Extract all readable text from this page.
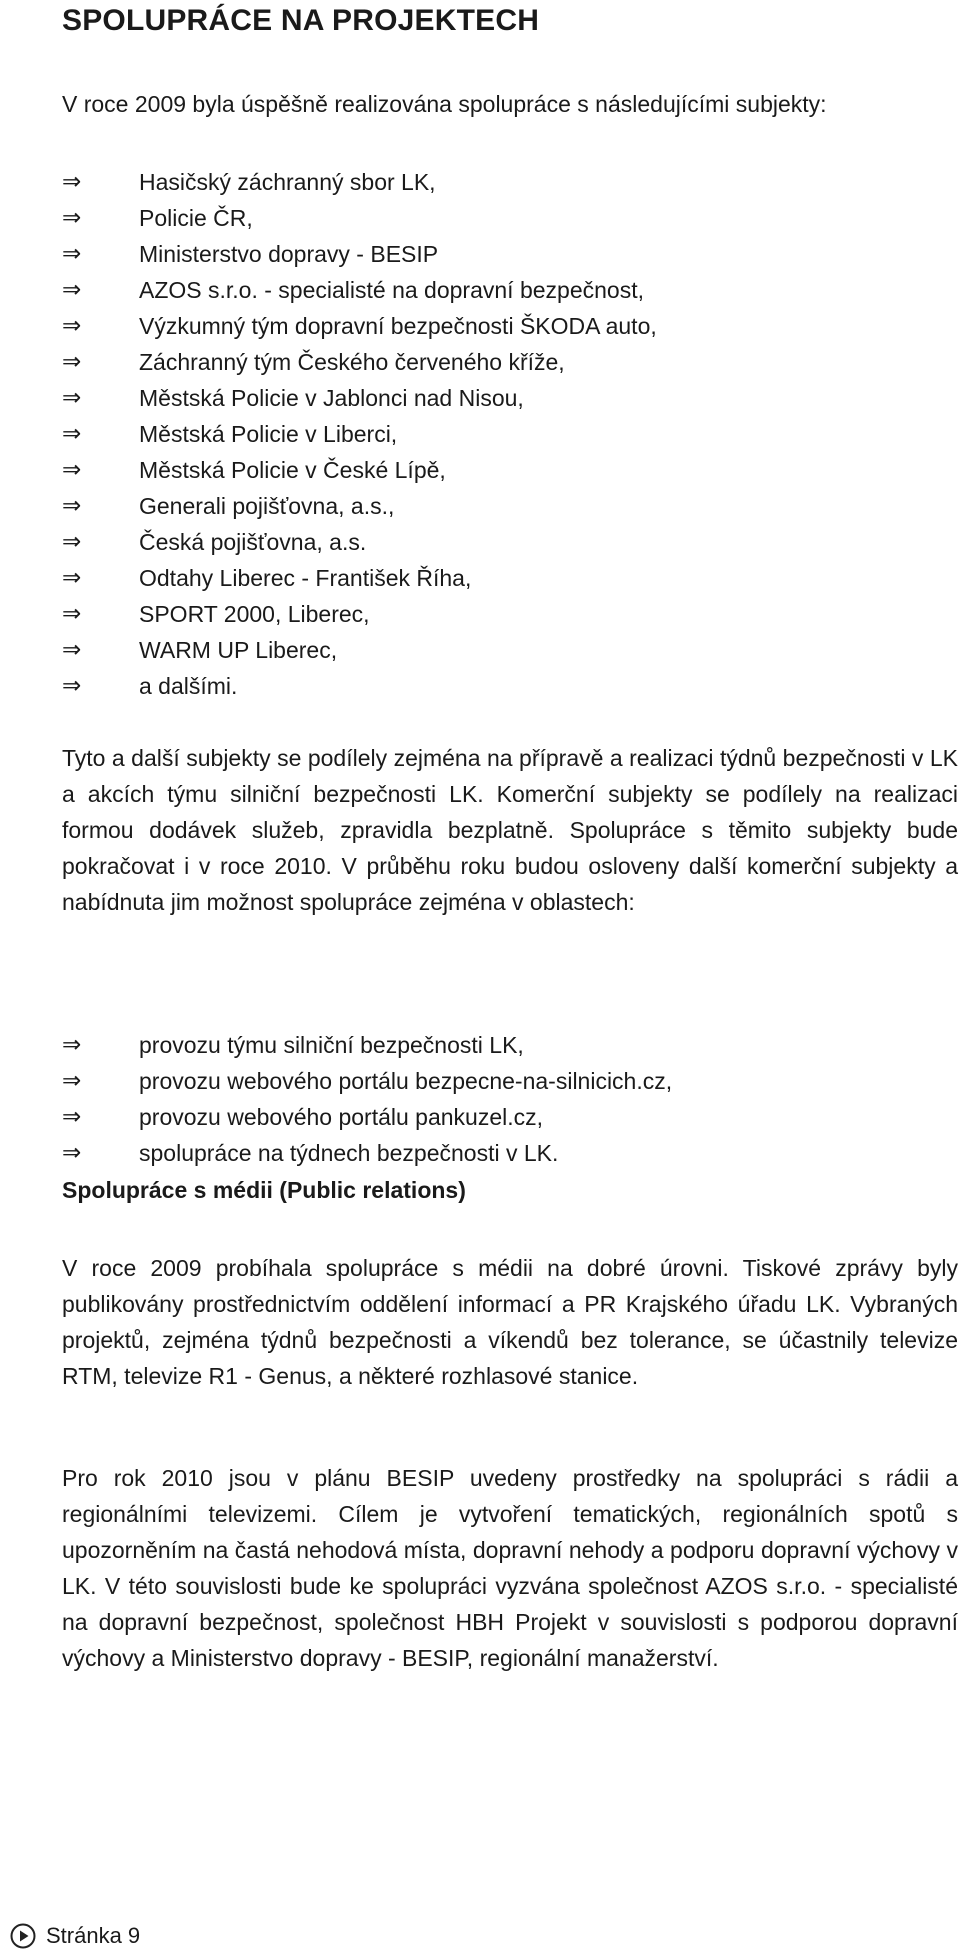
SPOLUPRÁCE NA PROJEKTECH

V roce 2009 byla úspěšně realizována spolupráce s následujícími subjekty:

⇒	Hasičský záchranný sbor LK,
⇒	Policie ČR,
⇒	Ministerstvo dopravy - BESIP
⇒	AZOS s.r.o. - specialisté na dopravní bezpečnost,
⇒	Výzkumný tým dopravní bezpečnosti ŠKODA auto,
⇒	Záchranný tým Českého červeného kříže,
⇒	Městská Policie v Jablonci nad Nisou,
⇒	Městská Policie v Liberci,
⇒	Městská Policie v České Lípě,
⇒	Generali pojišťovna, a.s.,
⇒	Česká pojišťovna, a.s.
⇒	Odtahy Liberec - František Říha,
⇒	SPORT 2000, Liberec,
⇒	WARM UP Liberec,
⇒	a dalšími.

Tyto a další subjekty se podílely zejména na přípravě a realizaci týdnů bezpečnosti v LK a akcích týmu silniční bezpečnosti LK. Komerční subjekty se podílely na realizaci formou dodávek služeb, zpravidla bezplatně. Spolupráce s těmito subjekty bude pokračovat i v roce 2010. V průběhu roku budou osloveny další komerční subjekty a nabídnuta jim možnost spolupráce zejména v oblastech:

⇒	provozu týmu silniční bezpečnosti LK,
⇒	provozu webového portálu bezpecne-na-silnicich.cz,
⇒	provozu webového portálu pankuzel.cz,
⇒	spolupráce na týdnech bezpečnosti v LK.
Spolupráce s médii (Public relations)

V roce 2009 probíhala spolupráce s médii na dobré úrovni. Tiskové zprávy byly publikovány prostřednictvím oddělení informací a PR Krajského úřadu LK. Vybraných projektů, zejména týdnů bezpečnosti a víkendů bez tolerance, se účastnily televize RTM, televize R1 - Genus, a některé rozhlasové stanice.

Pro rok 2010 jsou v plánu BESIP uvedeny prostředky na spolupráci s rádii a regionálními televizemi. Cílem je vytvoření tematických, regionálních spotů s upozorněním na častá nehodová místa, dopravní nehody a podporu dopravní výchovy v LK. V této souvislosti bude ke spolupráci vyzvána společnost AZOS s.r.o. - specialisté na dopravní bezpečnost, společnost HBH Projekt v souvislosti s podporou dopravní výchovy a Ministerstvo dopravy - BESIP, regionální manažerství.

Stránka 9
